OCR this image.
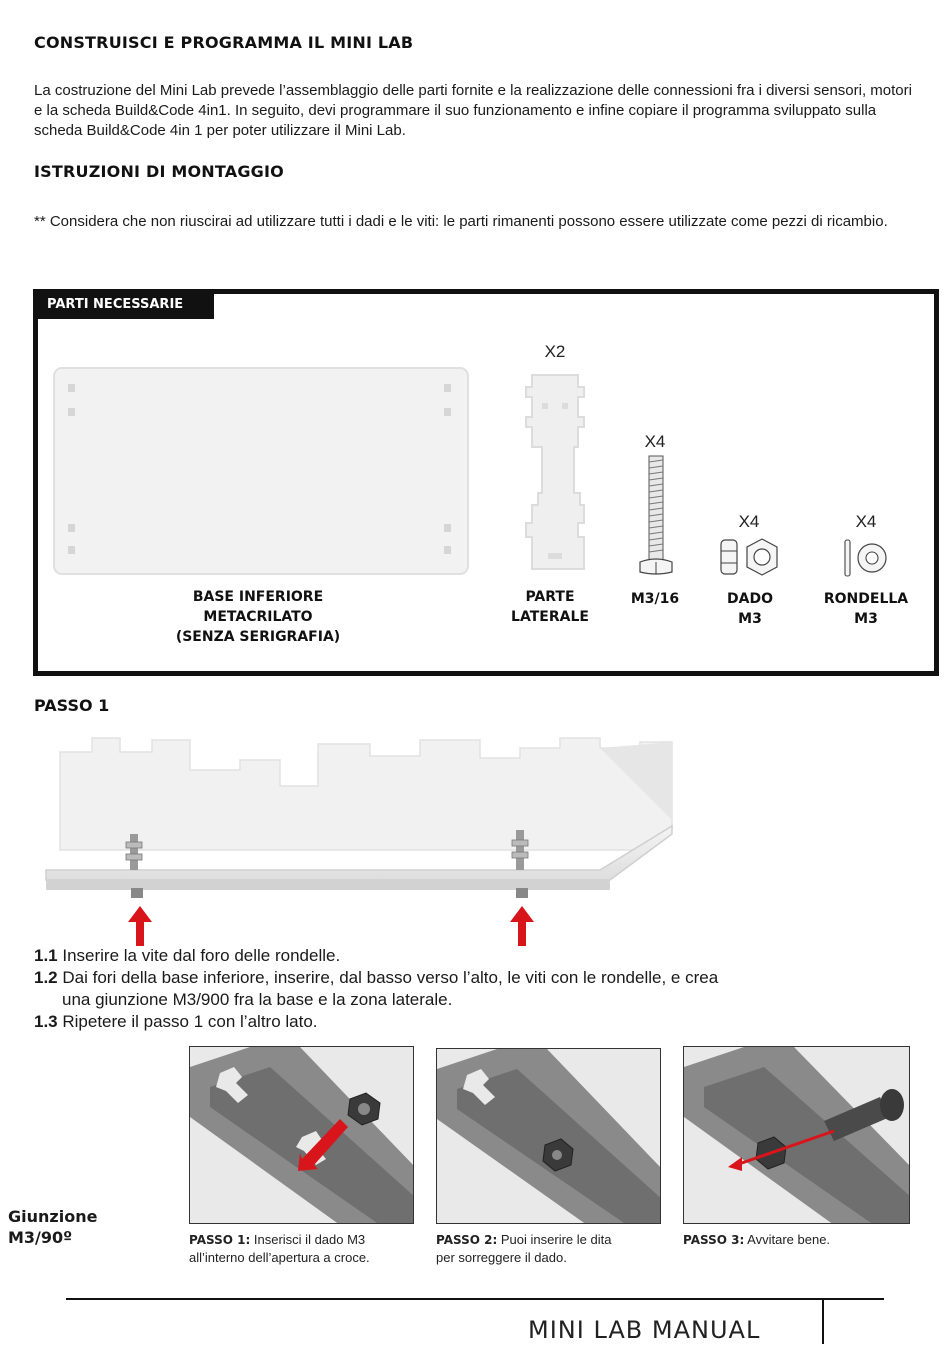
CONSTRUISCI E PROGRAMMA IL MINI LAB

La costruzione del Mini Lab prevede l’assemblaggio delle parti fornite e la realizzazione delle connessioni fra i diversi sensori, motori e la scheda Build&Code 4in1. In seguito, devi programmare il suo funzionamento e infine copiare il programma sviluppato sulla scheda Build&Code 4in 1 per poter utilizzare il Mini Lab.

ISTRUZIONI DI MONTAGGIO

** Considera che non riuscirai ad utilizzare tutti i dadi e le viti: le parti rimanenti possono essere utilizzate come pezzi di ricambio.

PARTI NECESSARIE
X2
X4
X4	X4
BASE INFERIORE
METACRILATO
(SENZA SERIGRAFIA)
PARTE
LATERALE
M3/16	DADO
M3
RONDELLA
M3
PASSO 1
1.1 Inserire la vite dal foro delle rondelle.
1.2 Dai fori della base inferiore, inserire, dal basso verso l’alto, le viti con le rondelle, e crea
una giunzione M3/900 fra la base e la zona laterale.
1.3 Ripetere il passo 1 con l’altro lato.
Giunzione
M3/90º	PASSO 1: Inserisci il dado M3
all’interno dell’apertura a croce.
PASSO 2: Puoi inserire le dita
per sorreggere il dado.
PASSO 3: Avvitare bene.
MINI LAB MANUAL
